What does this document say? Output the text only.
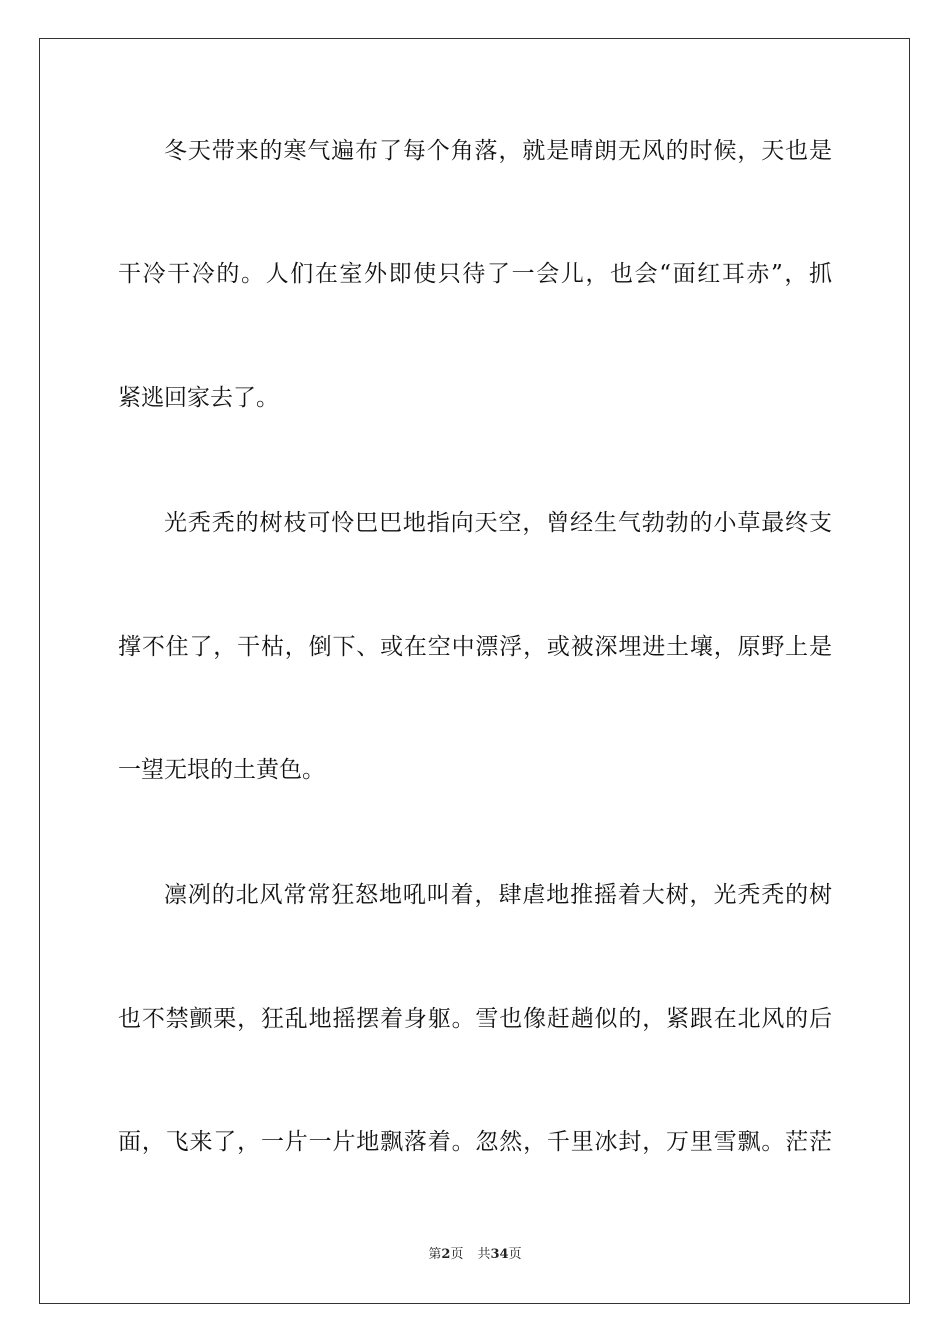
冬天带来的寒气遍布了每个角落，就是晴朗无风的时候，天也是
干冷干冷的。人们在室外即使只待了一会儿，也会“面红耳赤”，抓
紧逃回家去了。
光秃秃的树枝可怜巴巴地指向天空，曾经生气勃勃的小草最终支
撑不住了，干枯，倒下、或在空中漂浮，或被深埋进土壤，原野上是
一望无垠的土黄色。
凛冽的北风常常狂怒地吼叫着，肆虐地推摇着大树，光秃秃的树
也不禁颤栗，狂乱地摇摆着身躯。雪也像赶趟似的，紧跟在北风的后
面，飞来了，一片一片地飘落着。忽然，千里冰封，万里雪飘。茫茫
第2页 共34页
